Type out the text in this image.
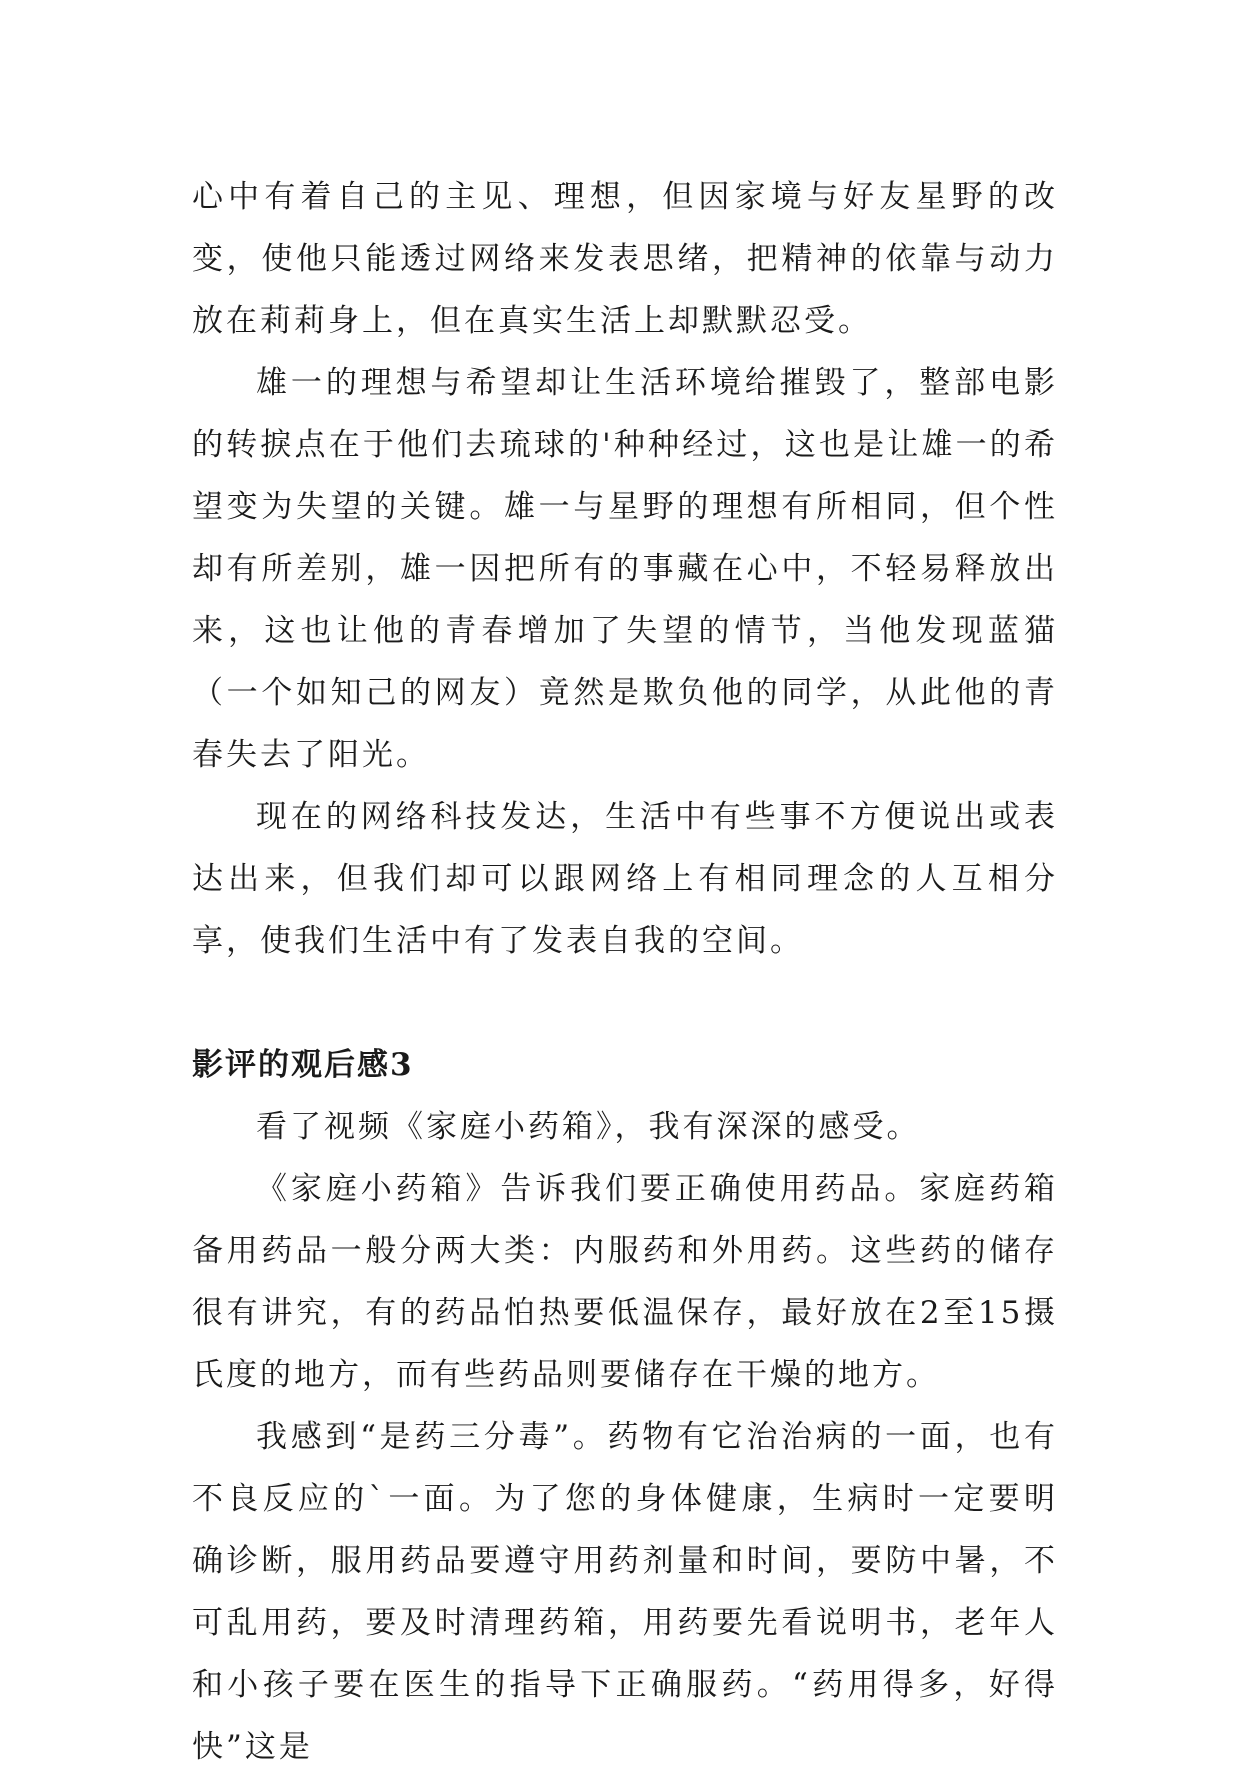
心中有着自己的主见、理想，但因家境与好友星野的改变，使他只能透过网络来发表思绪，把精神的依靠与动力放在莉莉身上，但在真实生活上却默默忍受。

雄一的理想与希望却让生活环境给摧毁了，整部电影的转捩点在于他们去琉球的'种种经过，这也是让雄一的希望变为失望的关键。雄一与星野的理想有所相同，但个性却有所差别，雄一因把所有的事藏在心中，不轻易释放出来，这也让他的青春增加了失望的情节，当他发现蓝猫（一个如知己的网友）竟然是欺负他的同学，从此他的青春失去了阳光。

现在的网络科技发达，生活中有些事不方便说出或表达出来，但我们却可以跟网络上有相同理念的人互相分享，使我们生活中有了发表自我的空间。

影评的观后感3

看了视频《家庭小药箱》，我有深深的感受。

《家庭小药箱》告诉我们要正确使用药品。家庭药箱备用药品一般分两大类：内服药和外用药。这些药的储存很有讲究，有的药品怕热要低温保存，最好放在2至15摄氏度的地方，而有些药品则要储存在干燥的地方。

我感到“是药三分毒”。药物有它治治病的一面，也有不良反应的`一面。为了您的身体健康，生病时一定要明确诊断，服用药品要遵守用药剂量和时间，要防中暑，不可乱用药，要及时清理药箱，用药要先看说明书，老年人和小孩子要在医生的指导下正确服药。“药用得多，好得快”这是
